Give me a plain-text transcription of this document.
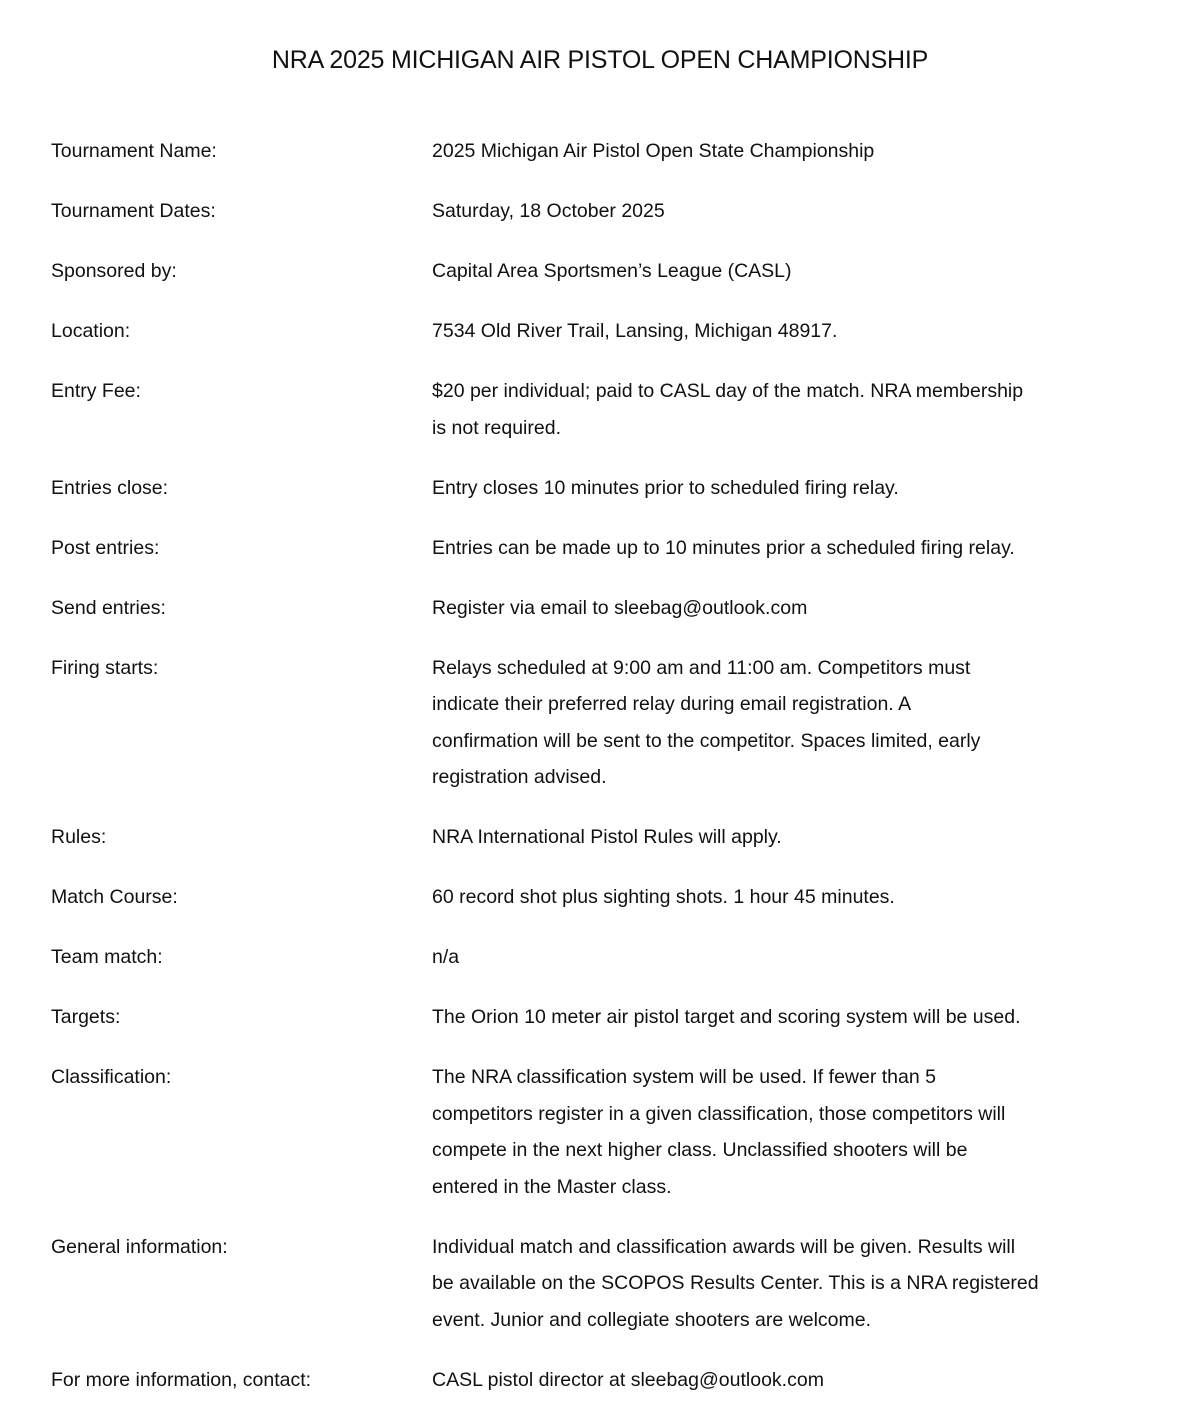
NRA 2025 MICHIGAN AIR PISTOL OPEN CHAMPIONSHIP
Tournament Name:	2025 Michigan Air Pistol Open State Championship
Tournament Dates:	Saturday, 18 October 2025
Sponsored by:	Capital Area Sportsmen’s League (CASL)
Location:	7534 Old River Trail, Lansing, Michigan 48917.
Entry Fee:	$20 per individual; paid to CASL day of the match. NRA membership
is not required.
Entries close:	Entry closes 10 minutes prior to scheduled firing relay.
Post entries:	Entries can be made up to 10 minutes prior a scheduled firing relay.
Send entries:	Register via email to sleebag@outlook.com
Firing starts:	Relays scheduled at 9:00 am and 11:00 am. Competitors must
indicate their preferred relay during email registration. A
confirmation will be sent to the competitor. Spaces limited, early
registration advised.
Rules:	NRA International Pistol Rules will apply.
Match Course:	60 record shot plus sighting shots. 1 hour 45 minutes.
Team match:	n/a
Targets:	The Orion 10 meter air pistol target and scoring system will be used.
Classification:	The NRA classification system will be used. If fewer than 5
competitors register in a given classification, those competitors will
compete in the next higher class. Unclassified shooters will be
entered in the Master class.
General information:	Individual match and classification awards will be given. Results will
be available on the SCOPOS Results Center. This is a NRA registered
event. Junior and collegiate shooters are welcome.
For more information, contact:	CASL pistol director at sleebag@outlook.com
